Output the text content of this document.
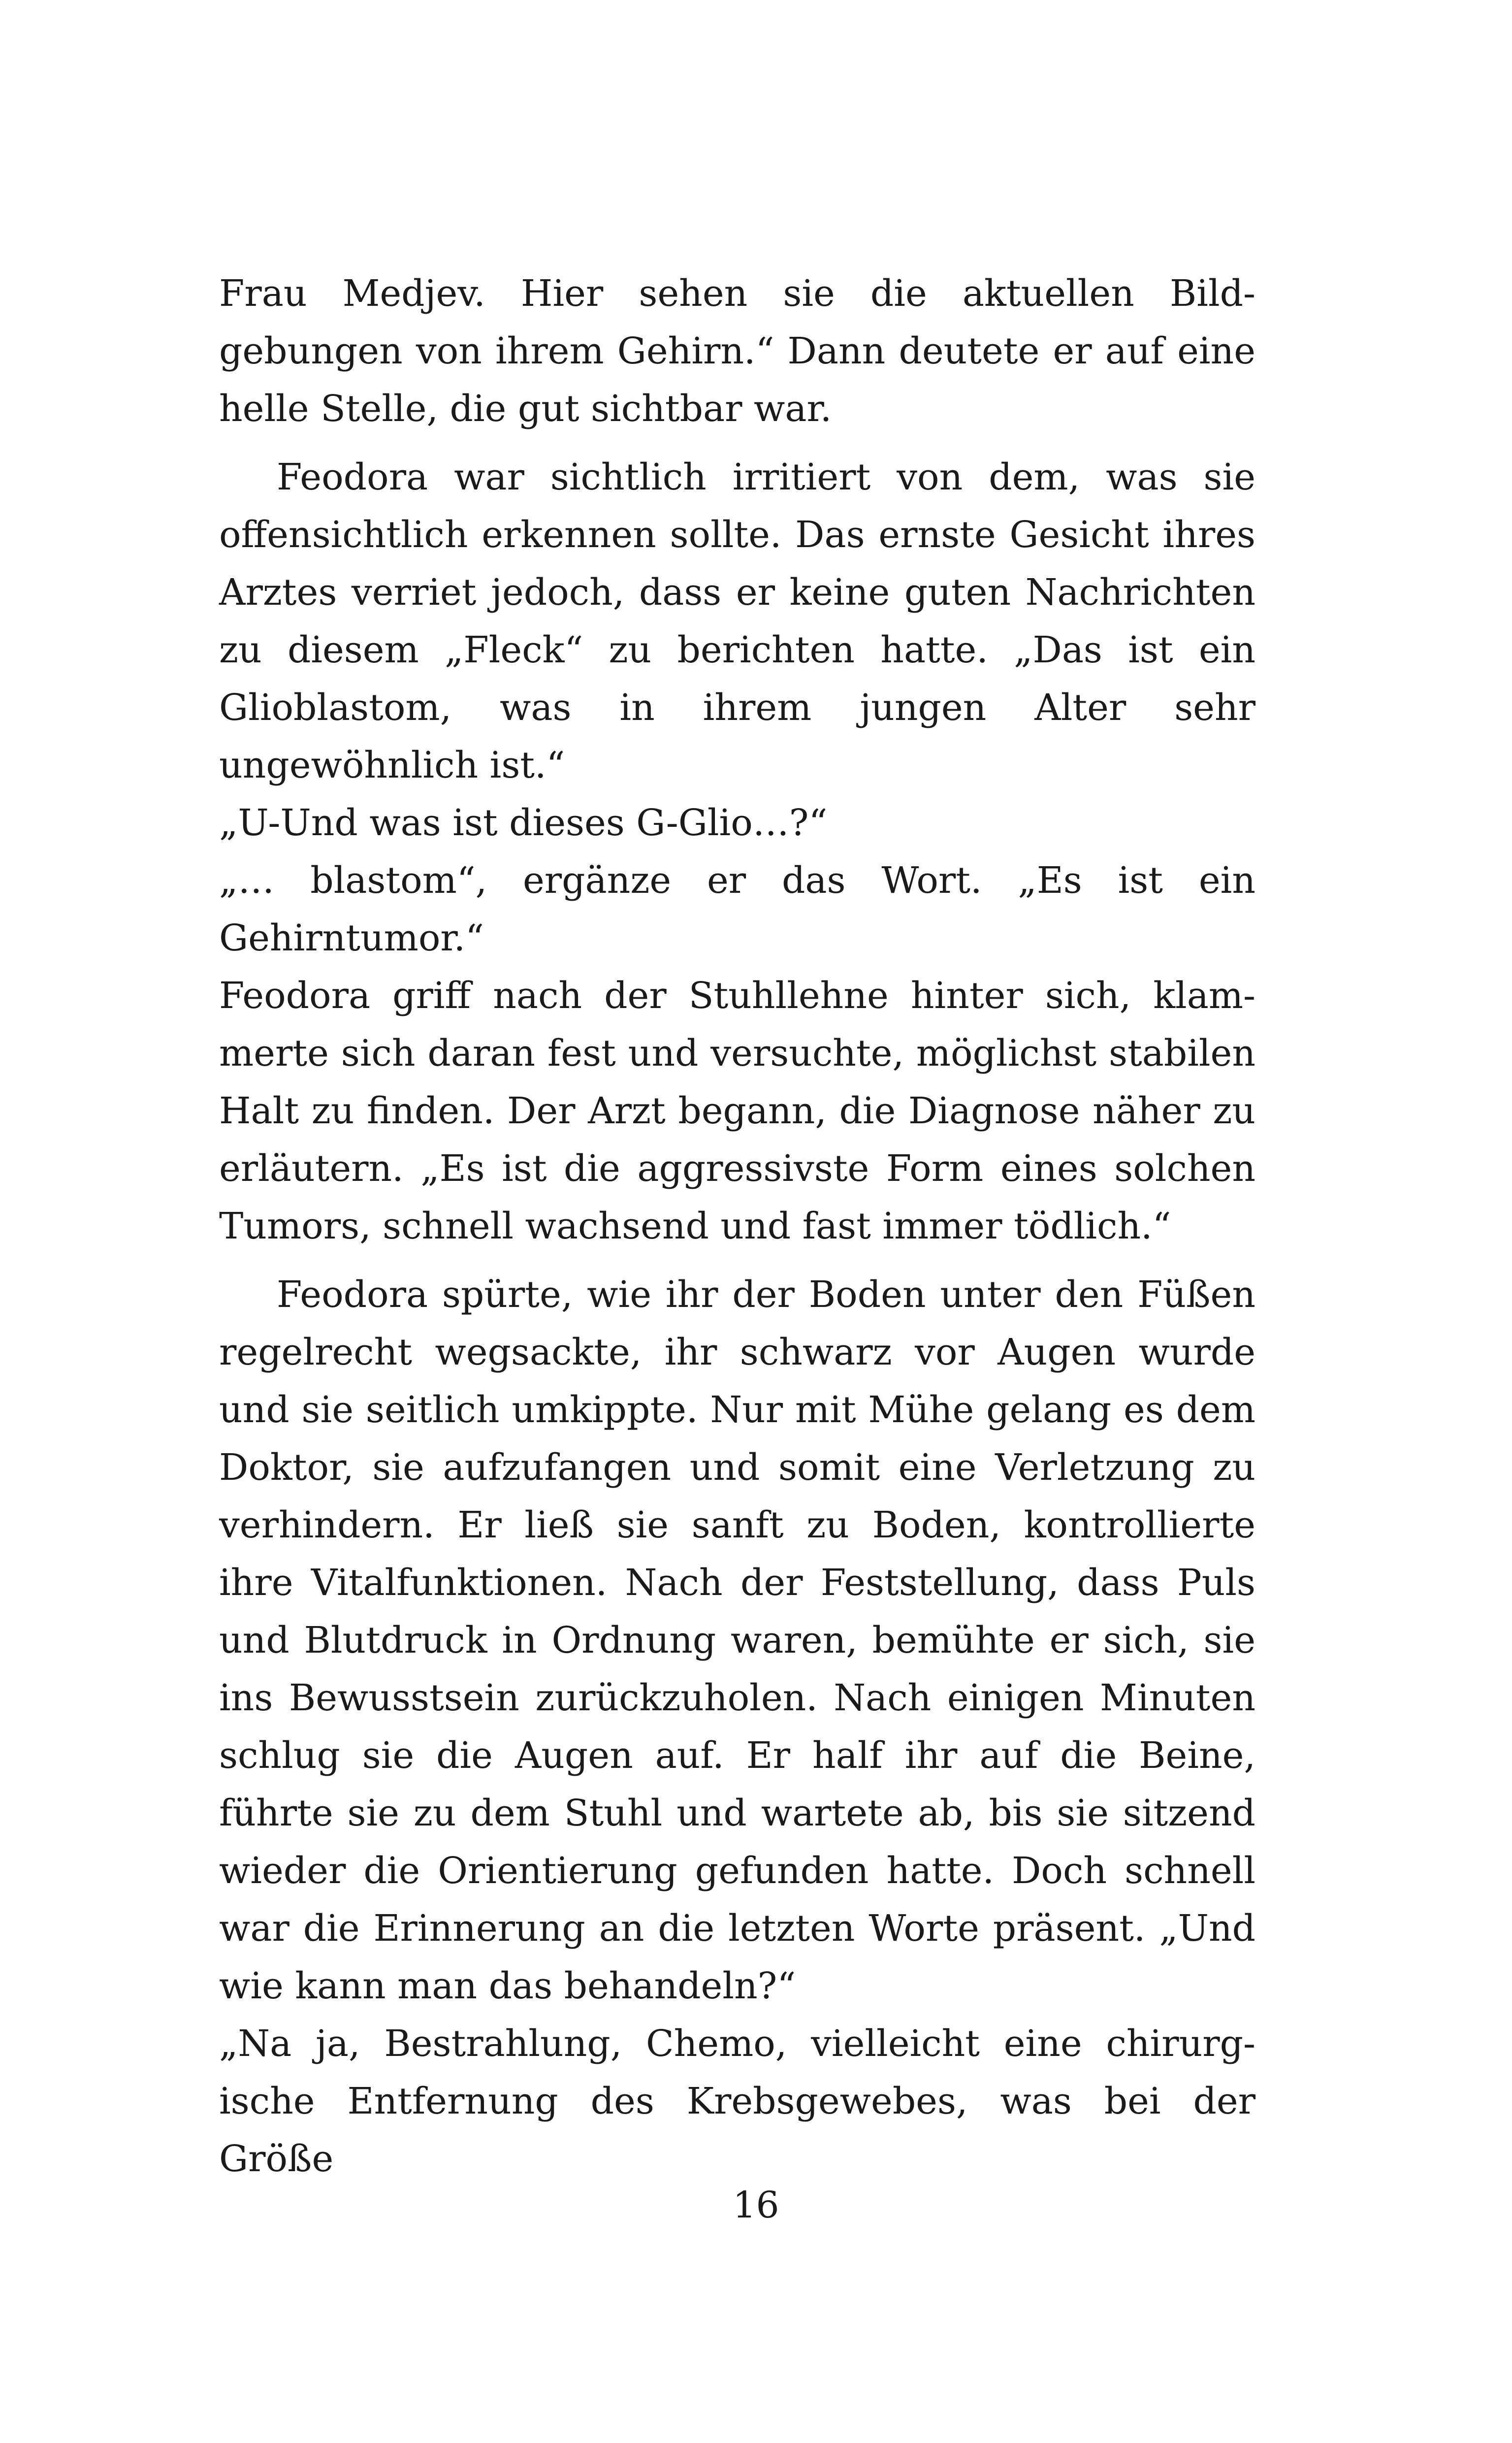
Frau Medjev. Hier sehen sie die aktuellen Bild-
gebungen von ihrem Gehirn.“ Dann deutete er auf eine
helle Stelle, die gut sichtbar war.
Feodora war sichtlich irritiert von dem, was sie
offensichtlich erkennen sollte. Das ernste Gesicht ihres
Arztes verriet jedoch, dass er keine guten Nachrichten
zu diesem „Fleck“ zu berichten hatte. „Das ist ein
Glioblastom, was in ihrem jungen Alter sehr
ungewöhnlich ist.“
„U-Und was ist dieses G-Glio…?“
„… blastom“, ergänze er das Wort. „Es ist ein
Gehirntumor.“
Feodora griff nach der Stuhllehne hinter sich, klam-
merte sich daran fest und versuchte, möglichst stabilen
Halt zu finden. Der Arzt begann, die Diagnose näher zu
erläutern. „Es ist die aggressivste Form eines solchen
Tumors, schnell wachsend und fast immer tödlich.“
Feodora spürte, wie ihr der Boden unter den Füßen
regelrecht wegsackte, ihr schwarz vor Augen wurde
und sie seitlich umkippte. Nur mit Mühe gelang es dem
Doktor, sie aufzufangen und somit eine Verletzung zu
verhindern. Er ließ sie sanft zu Boden, kontrollierte
ihre Vitalfunktionen. Nach der Feststellung, dass Puls
und Blutdruck in Ordnung waren, bemühte er sich, sie
ins Bewusstsein zurückzuholen. Nach einigen Minuten
schlug sie die Augen auf. Er half ihr auf die Beine,
führte sie zu dem Stuhl und wartete ab, bis sie sitzend
wieder die Orientierung gefunden hatte. Doch schnell
war die Erinnerung an die letzten Worte präsent. „Und
wie kann man das behandeln?“
„Na ja, Bestrahlung, Chemo, vielleicht eine chirurg-
ische Entfernung des Krebsgewebes, was bei der Größe
16
